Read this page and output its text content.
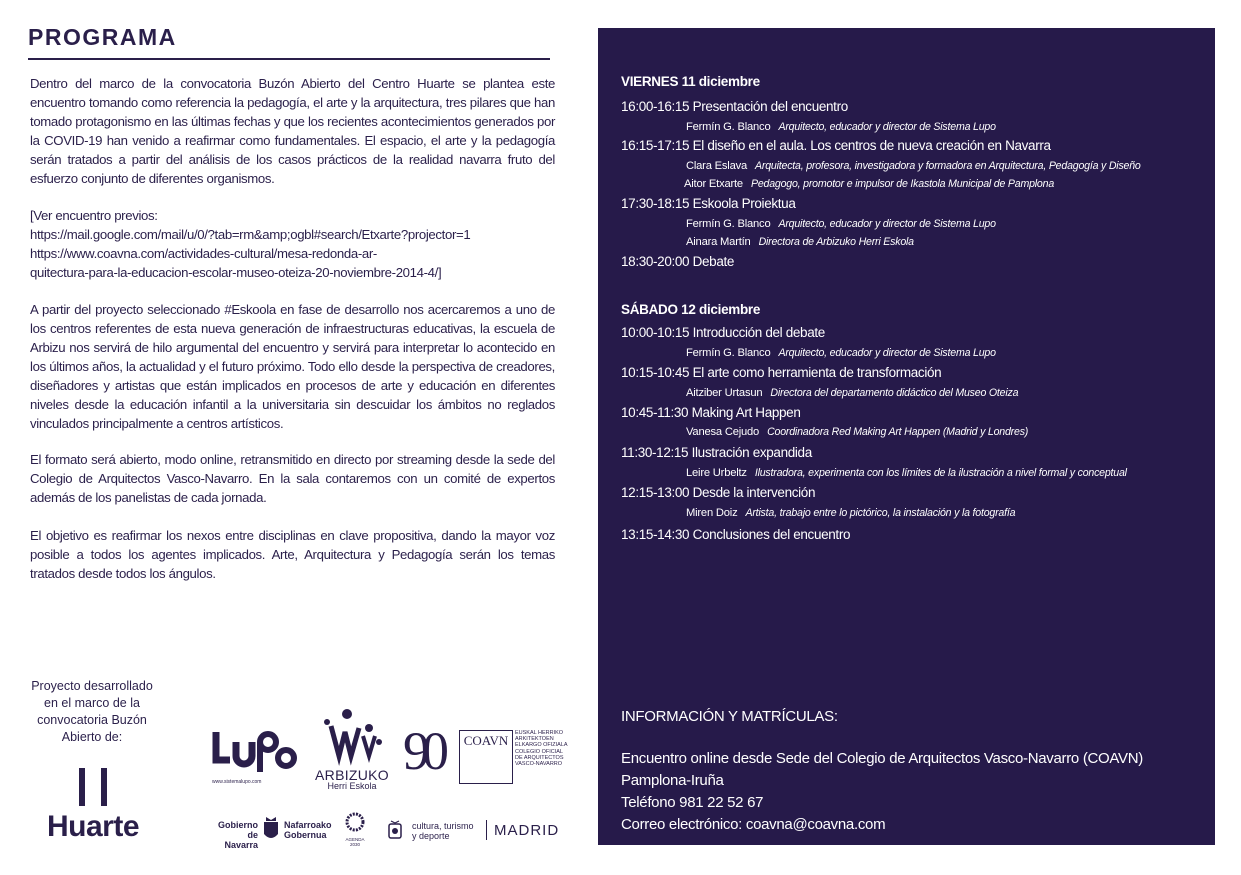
PROGRAMA
Dentro del marco de la convocatoria Buzón Abierto del Centro Huarte se plantea este encuentro tomando como referencia la pedagogía, el arte y la arquitectura, tres pilares que han tomado protagonismo en las últimas fechas y que los recientes acontecimientos generados por la COVID-19 han venido a reafirmar como fundamentales. El espacio, el arte y la pedagogía serán tratados a partir del análisis de los casos prácticos de la realidad navarra fruto del esfuerzo conjunto de diferentes organismos.
[Ver encuentro previos:
https://mail.google.com/mail/u/0/?tab=rm&amp;ogbl#search/Etxarte?projector=1
https://www.coavna.com/actividades-cultural/mesa-redonda-ar-
quitectura-para-la-educacion-escolar-museo-oteiza-20-noviembre-2014-4/]
A partir del proyecto seleccionado #Eskoola en fase de desarrollo nos acercaremos a uno de los centros referentes de esta nueva generación de infraestructuras educativas, la escuela de Arbizu nos servirá de hilo argumental del encuentro y servirá para interpretar lo acontecido en los últimos años, la actualidad y el futuro próximo. Todo ello desde la perspectiva de creadores, diseñadores y artistas que están implicados en procesos de arte y educación en diferentes niveles desde la educación infantil a la universitaria sin descuidar los ámbitos no reglados vinculados principalmente a centros artísticos.
El formato será abierto, modo online, retransmitido en directo por streaming desde la sede del Colegio de Arquitectos Vasco-Navarro. En la sala contaremos con un comité de expertos además de los panelistas de cada jornada.
El objetivo es reafirmar los nexos entre disciplinas en clave propositiva, dando la mayor voz posible a todos los agentes implicados. Arte, Arquitectura y Pedagogía serán los temas tratados desde todos los ángulos.
Proyecto desarrollado
en el marco de la
convocatoria Buzón
Abierto de:
Huarte
www.sistemalupo.com	ARBIZUKO
Herri Eskola
90 COAVN	EUSKAL HERRIKO
ARKITEKTOEN
ELKARGO OFIZIALA
COLEGIO OFICIAL
DE ARQUITECTOS
VASCO-NAVARRO
Gobierno
de Navarra
Nafarroako
Gobernua	AGENDA
2030
cultura, turismo
y deporte	MADRID
VIERNES 11 diciembre
16:00-16:15 Presentación del encuentro
Fermín G. Blanco Arquitecto, educador y director de Sistema Lupo
16:15-17:15 El diseño en el aula. Los centros de nueva creación en Navarra
Clara Eslava Arquitecta, profesora, investigadora y formadora en Arquitectura, Pedagogía y Diseño
Aitor Etxarte Pedagogo, promotor e impulsor de Ikastola Municipal de Pamplona
17:30-18:15 Eskoola Proiektua
Fermín G. Blanco Arquitecto, educador y director de Sistema Lupo
Ainara Martín Directora de Arbizuko Herri Eskola
18:30-20:00 Debate
SÁBADO 12 diciembre
10:00-10:15 Introducción del debate
Fermín G. Blanco Arquitecto, educador y director de Sistema Lupo
10:15-10:45 El arte como herramienta de transformación
Aitziber Urtasun Directora del departamento didáctico del Museo Oteiza
10:45-11:30 Making Art Happen
Vanesa Cejudo Coordinadora Red Making Art Happen (Madrid y Londres)
11:30-12:15 Ilustración expandida
Leire Urbeltz Ilustradora, experimenta con los límites de la ilustración a nivel formal y conceptual
12:15-13:00 Desde la intervención
Miren Doiz Artista, trabajo entre lo pictórico, la instalación y la fotografía
13:15-14:30 Conclusiones del encuentro
INFORMACIÓN Y MATRÍCULAS:
Encuentro online desde Sede del Colegio de Arquitectos Vasco-Navarro (COAVN)
Pamplona-Iruña
Teléfono 981 22 52 67
Correo electrónico: coavna@coavna.com
